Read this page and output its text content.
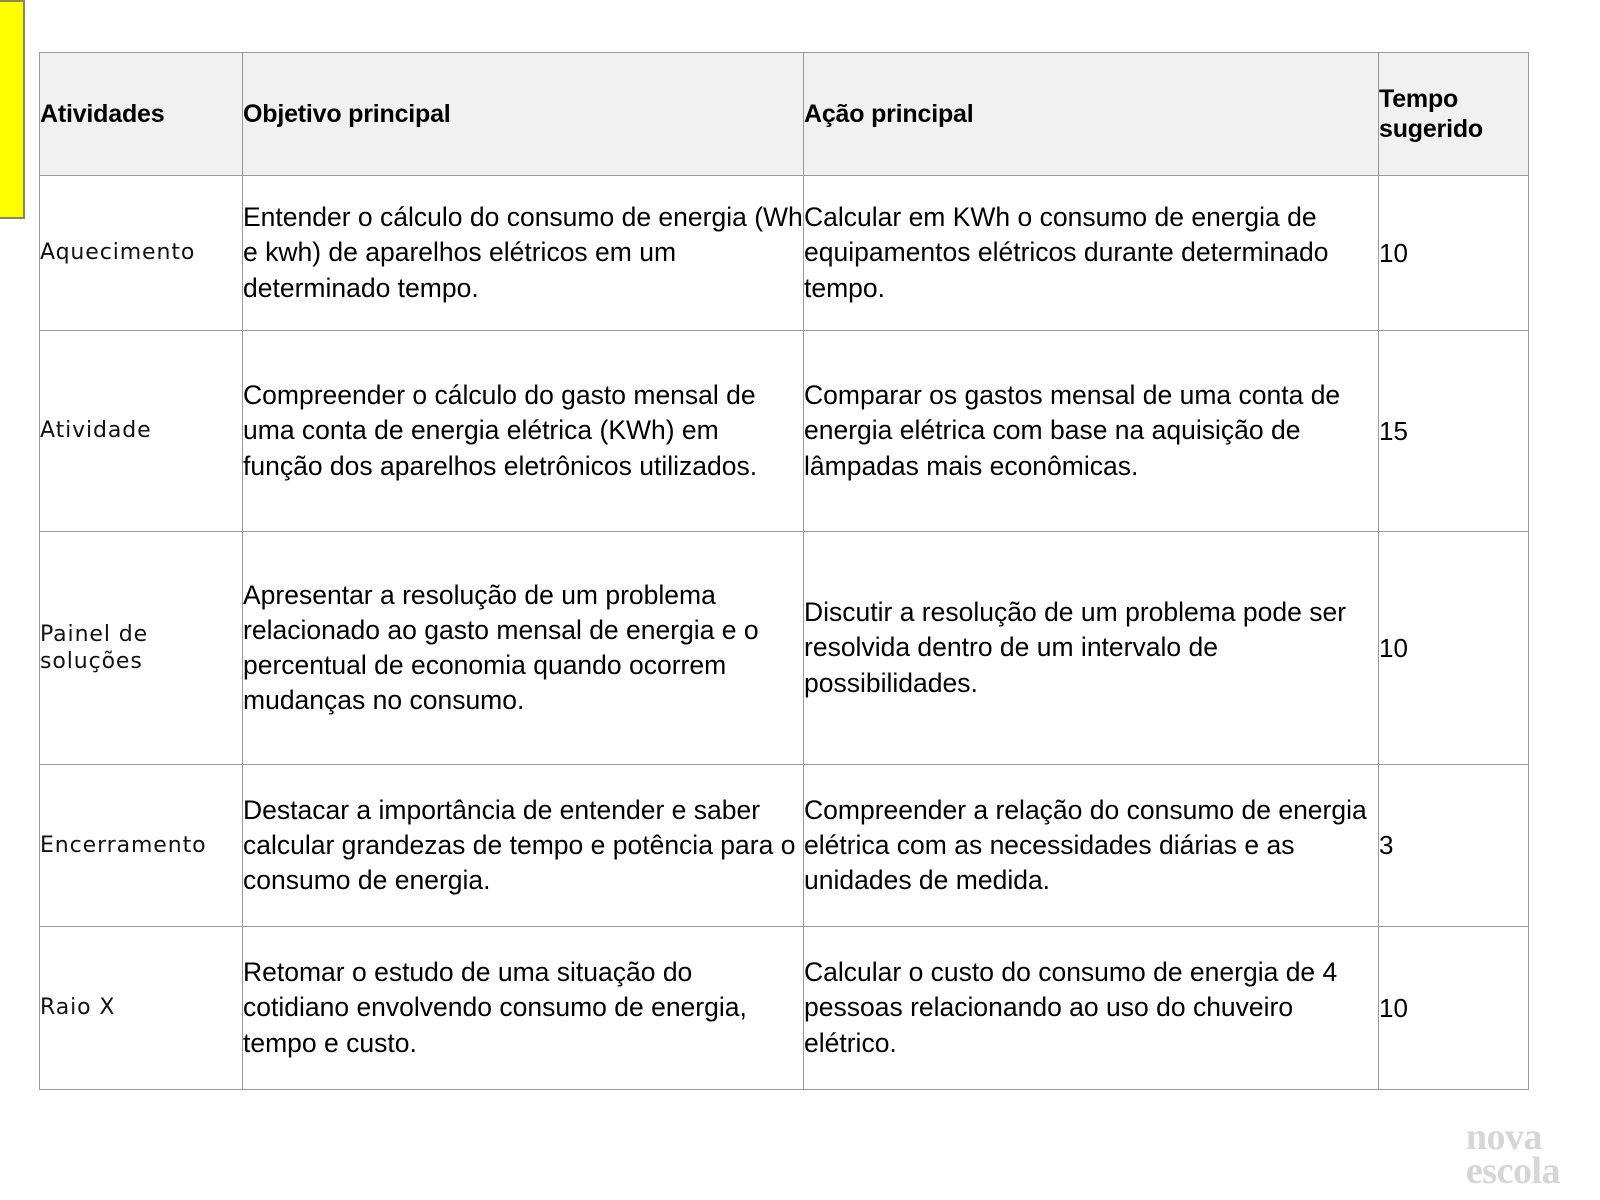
Atividades	Objetivo principal	Ação principal	Tempo sugerido
Aquecimento	Entender o cálculo do consumo de energia (Wh e kwh) de aparelhos elétricos em um determinado tempo.	Calcular em KWh o consumo de energia de equipamentos elétricos durante determinado tempo.	10
Atividade	Compreender o cálculo do gasto mensal de uma conta de energia elétrica (KWh) em função dos aparelhos eletrônicos utilizados.	Comparar os gastos mensal de uma conta de energia elétrica com base na aquisição de lâmpadas mais econômicas.	15
Painel de soluções	Apresentar a resolução de um problema relacionado ao gasto mensal de energia e o percentual de economia quando ocorrem mudanças no consumo.	Discutir a resolução de um problema pode ser resolvida dentro de um intervalo de possibilidades.	10
Encerramento	Destacar a importância de entender e saber calcular grandezas de tempo e potência para o consumo de energia.	Compreender a relação do consumo de energia elétrica com as necessidades diárias e as unidades de medida.	3
Raio X	Retomar o estudo de uma situação do cotidiano envolvendo consumo de energia, tempo e custo.	Calcular o custo do consumo de energia de 4 pessoas relacionando ao uso do chuveiro elétrico.	10
nova
escola
